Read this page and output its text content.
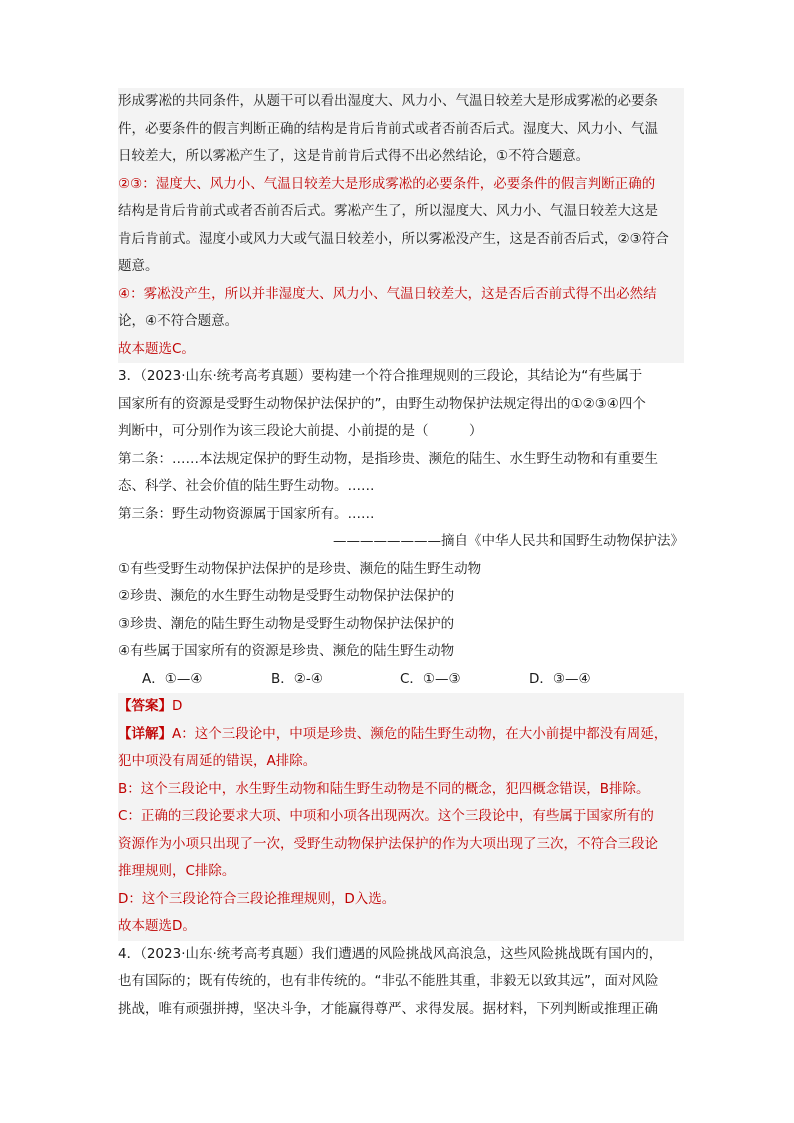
形成雾凇的共同条件，从题干可以看出湿度大、风力小、气温日较差大是形成雾凇的必要条
件，必要条件的假言判断正确的结构是肯后肯前式或者否前否后式。湿度大、风力小、气温
日较差大，所以雾凇产生了，这是肯前肯后式得不出必然结论，①不符合题意。
②③：湿度大、风力小、气温日较差大是形成雾凇的必要条件，必要条件的假言判断正确的
结构是肯后肯前式或者否前否后式。雾凇产生了，所以湿度大、风力小、气温日较差大这是
肯后肯前式。湿度小或风力大或气温日较差小，所以雾凇没产生，这是否前否后式，②③符合
题意。
④：雾凇没产生，所以并非湿度大、风力小、气温日较差大，这是否后否前式得不出必然结
论，④不符合题意。
故本题选C。
3．（2023·山东·统考高考真题）要构建一个符合推理规则的三段论，其结论为“有些属于
国家所有的资源是受野生动物保护法保护的”，由野生动物保护法规定得出的①②③④四个
判断中，可分别作为该三段论大前提、小前提的是（　　　）
第二条：……本法规定保护的野生动物，是指珍贵、濒危的陆生、水生野生动物和有重要生
态、科学、社会价值的陆生野生动物。……
第三条：野生动物资源属于国家所有。……
————————摘自《中华人民共和国野生动物保护法》
①有些受野生动物保护法保护的是珍贵、濒危的陆生野生动物
②珍贵、濒危的水生野生动物是受野生动物保护法保护的
③珍贵、潮危的陆生野生动物是受野生动物保护法保护的
④有些属于国家所有的资源是珍贵、濒危的陆生野生动物
A．①—④	B．②-④	C．①—③	D．③—④
【答案】D
【详解】A：这个三段论中，中项是珍贵、濒危的陆生野生动物，在大小前提中都没有周延，
犯中项没有周延的错误，A排除。
B：这个三段论中，水生野生动物和陆生野生动物是不同的概念，犯四概念错误，B排除。
C：正确的三段论要求大项、中项和小项各出现两次。这个三段论中，有些属于国家所有的
资源作为小项只出现了一次，受野生动物保护法保护的作为大项出现了三次，不符合三段论
推理规则，C排除。
D：这个三段论符合三段论推理规则，D入选。
故本题选D。
4．（2023·山东·统考高考真题）我们遭遇的风险挑战风高浪急，这些风险挑战既有国内的，
也有国际的；既有传统的，也有非传统的。“非弘不能胜其重，非毅无以致其远”，面对风险
挑战，唯有顽强拼搏，坚决斗争，才能赢得尊严、求得发展。据材料，下列判断或推理正确
